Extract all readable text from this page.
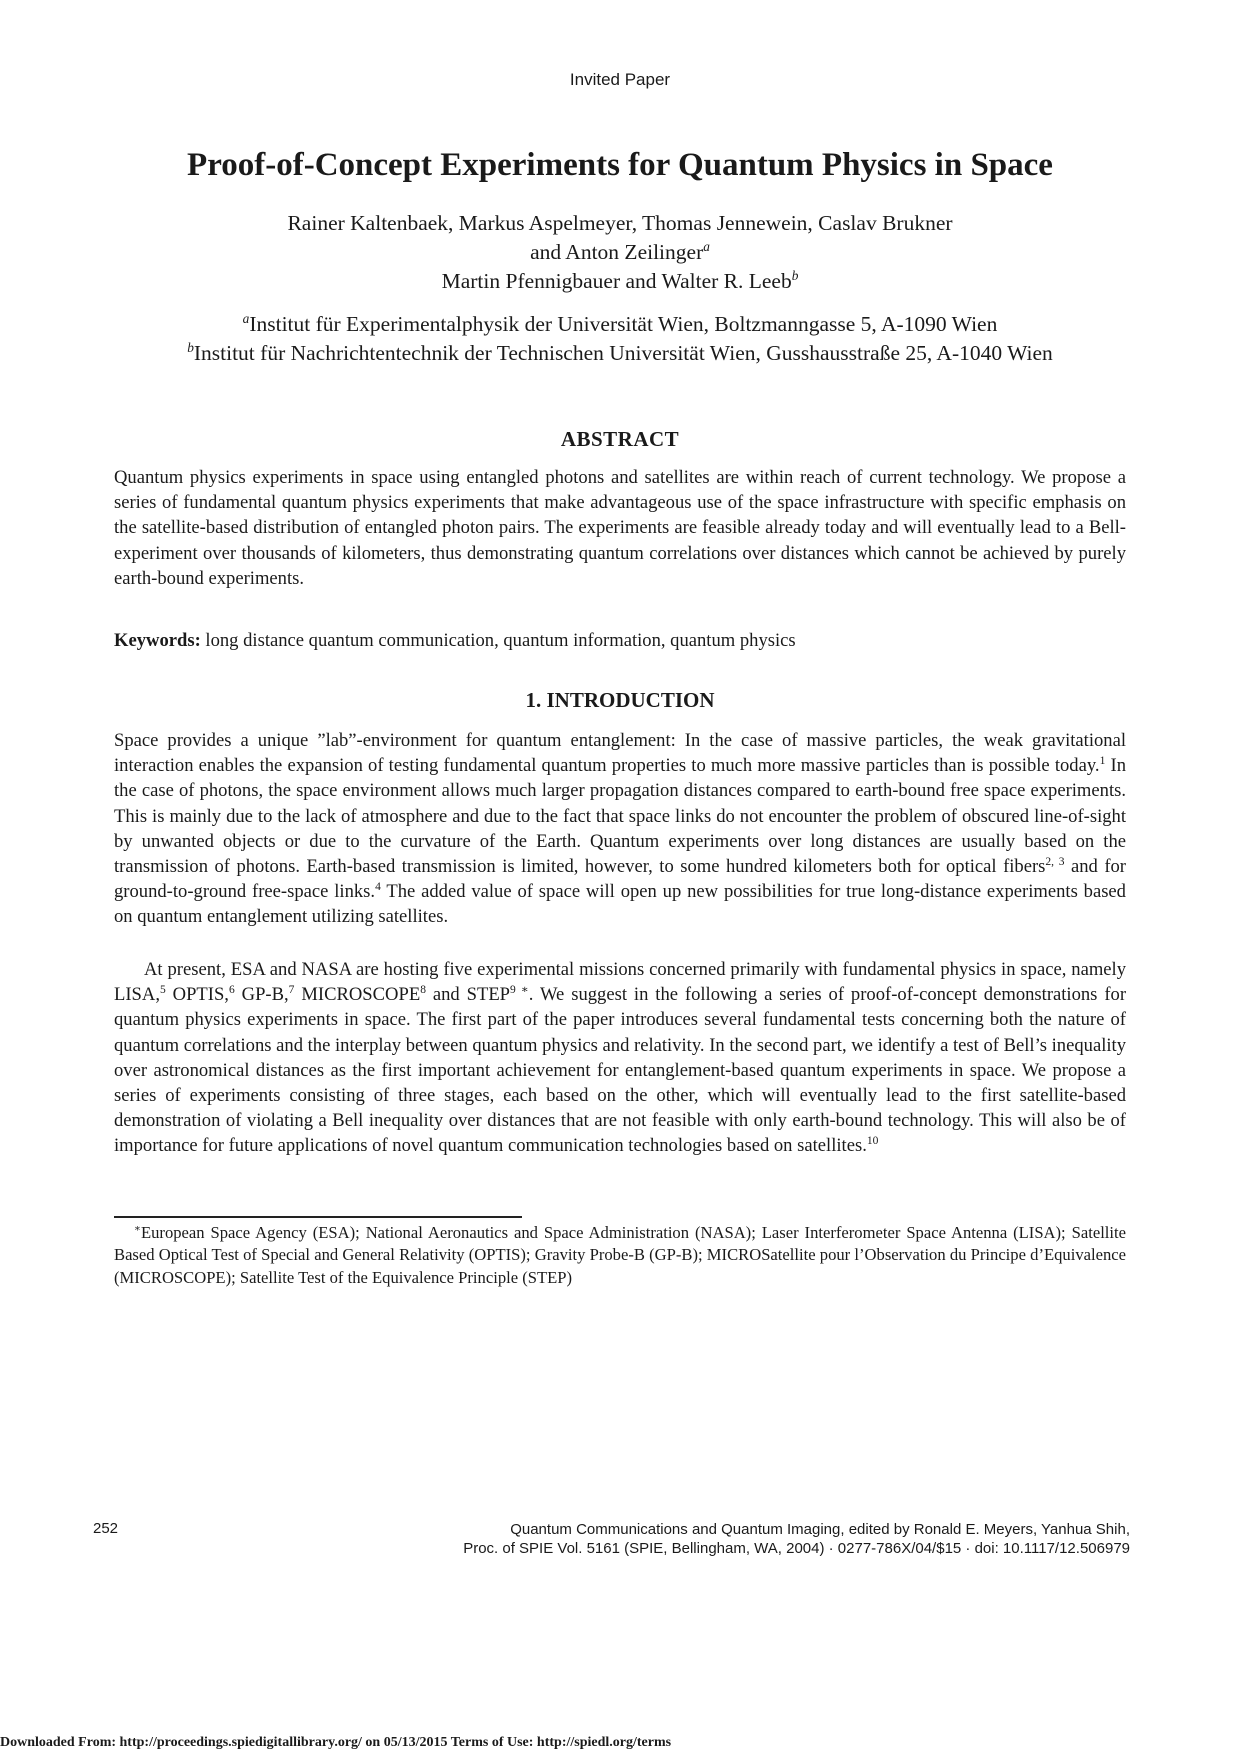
Invited Paper
Proof-of-Concept Experiments for Quantum Physics in Space
Rainer Kaltenbaek, Markus Aspelmeyer, Thomas Jennewein, Caslav Brukner
and Anton Zeilinger$^a$
Martin Pfennigbauer and Walter R. Leeb$^b$
$^a$Institut für Experimentalphysik der Universität Wien, Boltzmanngasse 5, A-1090 Wien
$^b$Institut für Nachrichtentechnik der Technischen Universität Wien, Gusshausstraße 25, A-1040 Wien
ABSTRACT

Quantum physics experiments in space using entangled photons and satellites are within reach of current technology. We propose a series of fundamental quantum physics experiments that make advantageous use of the space infrastructure with specific emphasis on the satellite-based distribution of entangled photon pairs. The experiments are feasible already today and will eventually lead to a Bell-experiment over thousands of kilometers, thus demonstrating quantum correlations over distances which cannot be achieved by purely earth-bound experiments.

Keywords: long distance quantum communication, quantum information, quantum physics

1. INTRODUCTION

Space provides a unique ”lab”-environment for quantum entanglement: In the case of massive particles, the weak gravitational interaction enables the expansion of testing fundamental quantum properties to much more massive particles than is possible today.$^1$ In the case of photons, the space environment allows much larger propagation distances compared to earth-bound free space experiments. This is mainly due to the lack of atmosphere and due to the fact that space links do not encounter the problem of obscured line-of-sight by unwanted objects or due to the curvature of the Earth. Quantum experiments over long distances are usually based on the transmission of photons. Earth-based transmission is limited, however, to some hundred kilometers both for optical fibers$^{2, 3}$ and for ground-to-ground free-space links.$^4$ The added value of space will open up new possibilities for true long-distance experiments based on quantum entanglement utilizing satellites.

At present, ESA and NASA are hosting five experimental missions concerned primarily with fundamental physics in space, namely LISA,$^5$ OPTIS,$^6$ GP-B,$^7$ MICROSCOPE$^8$ and $STEP^{9 ∗}$. We suggest in the following a series of proof-of-concept demonstrations for quantum physics experiments in space. The first part of the paper introduces several fundamental tests concerning both the nature of quantum correlations and the interplay between quantum physics and relativity. In the second part, we identify a test of Bell’s inequality over astronomical distances as the first important achievement for entanglement-based quantum experiments in space. We propose a series of experiments consisting of three stages, each based on the other, which will eventually lead to the first satellite-based demonstration of violating a Bell inequality over distances that are not feasible with only earth-bound technology. This will also be of importance for future applications of novel quantum communication technologies based on satellites.$^{10}$

∗European Space Agency (ESA); National Aeronautics and Space Administration (NASA); Laser Interferometer Space Antenna (LISA); Satellite Based Optical Test of Special and General Relativity (OPTIS); Gravity Probe-B (GP-B); MICROSatellite pour l’Observation du Principe d’Equivalence (MICROSCOPE); Satellite Test of the Equivalence Principle (STEP)

252	Quantum Communications and Quantum Imaging, edited by Ronald E. Meyers, Yanhua Shih,
Proc. of SPIE Vol. 5161 (SPIE, Bellingham, WA, 2004) · 0277-786X/04/$15 · doi: 10.1117/12.506979
Downloaded From: http://proceedings.spiedigitallibrary.org/ on 05/13/2015 Terms of Use: http://spiedl.org/terms
